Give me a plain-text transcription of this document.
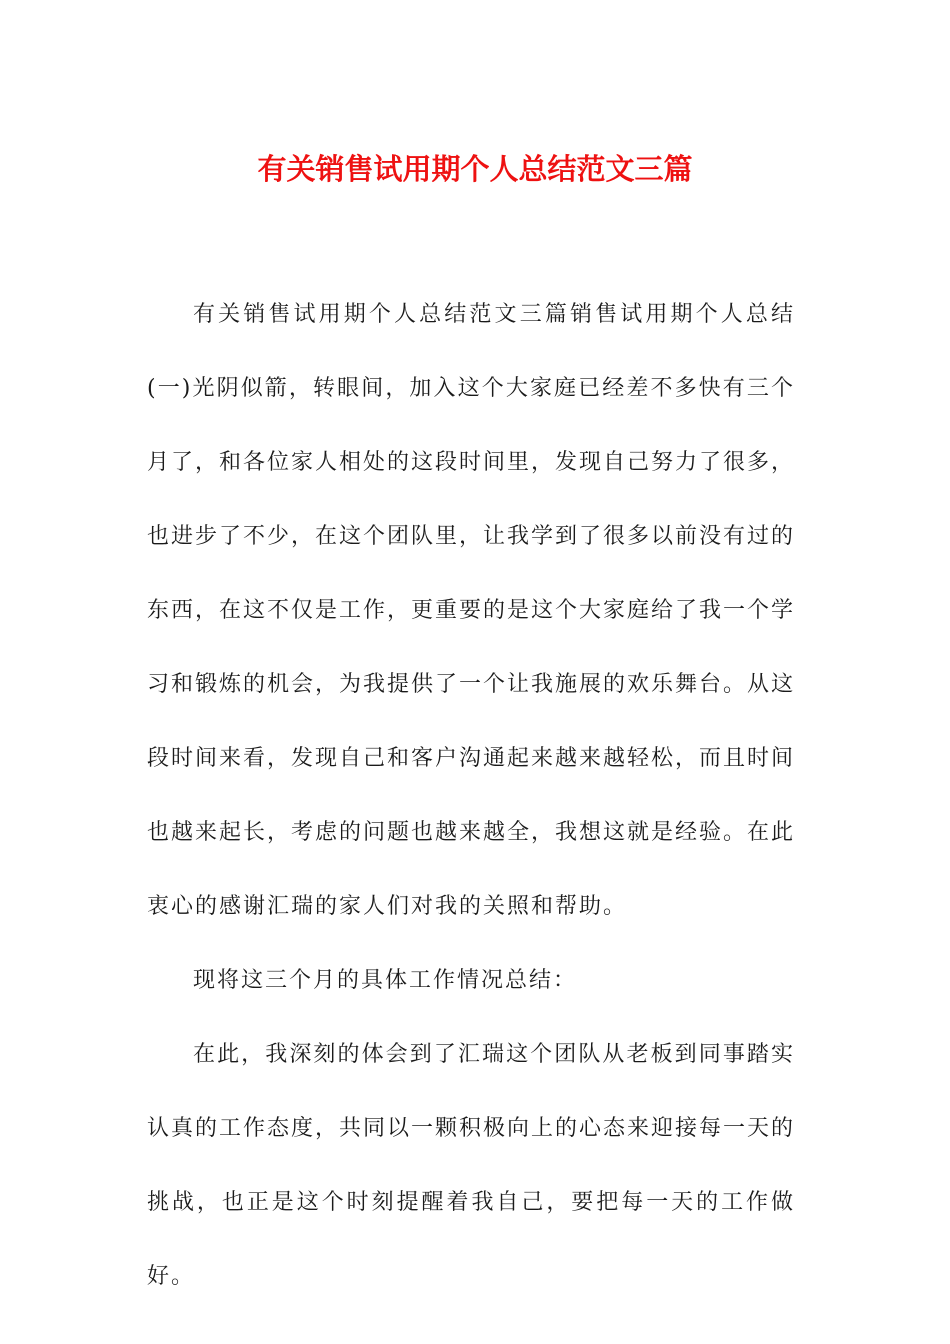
有关销售试用期个人总结范文三篇

有关销售试用期个人总结范文三篇销售试用期个人总结(一)光阴似箭，转眼间，加入这个大家庭已经差不多快有三个月了，和各位家人相处的这段时间里，发现自己努力了很多，也进步了不少，在这个团队里，让我学到了很多以前没有过的东西，在这不仅是工作，更重要的是这个大家庭给了我一个学习和锻炼的机会，为我提供了一个让我施展的欢乐舞台。从这段时间来看，发现自己和客户沟通起来越来越轻松，而且时间也越来起长，考虑的问题也越来越全，我想这就是经验。在此衷心的感谢汇瑞的家人们对我的关照和帮助。

现将这三个月的具体工作情况总结：

在此，我深刻的体会到了汇瑞这个团队从老板到同事踏实认真的工作态度，共同以一颗积极向上的心态来迎接每一天的挑战，也正是这个时刻提醒着我自己，要把每一天的工作做好。
